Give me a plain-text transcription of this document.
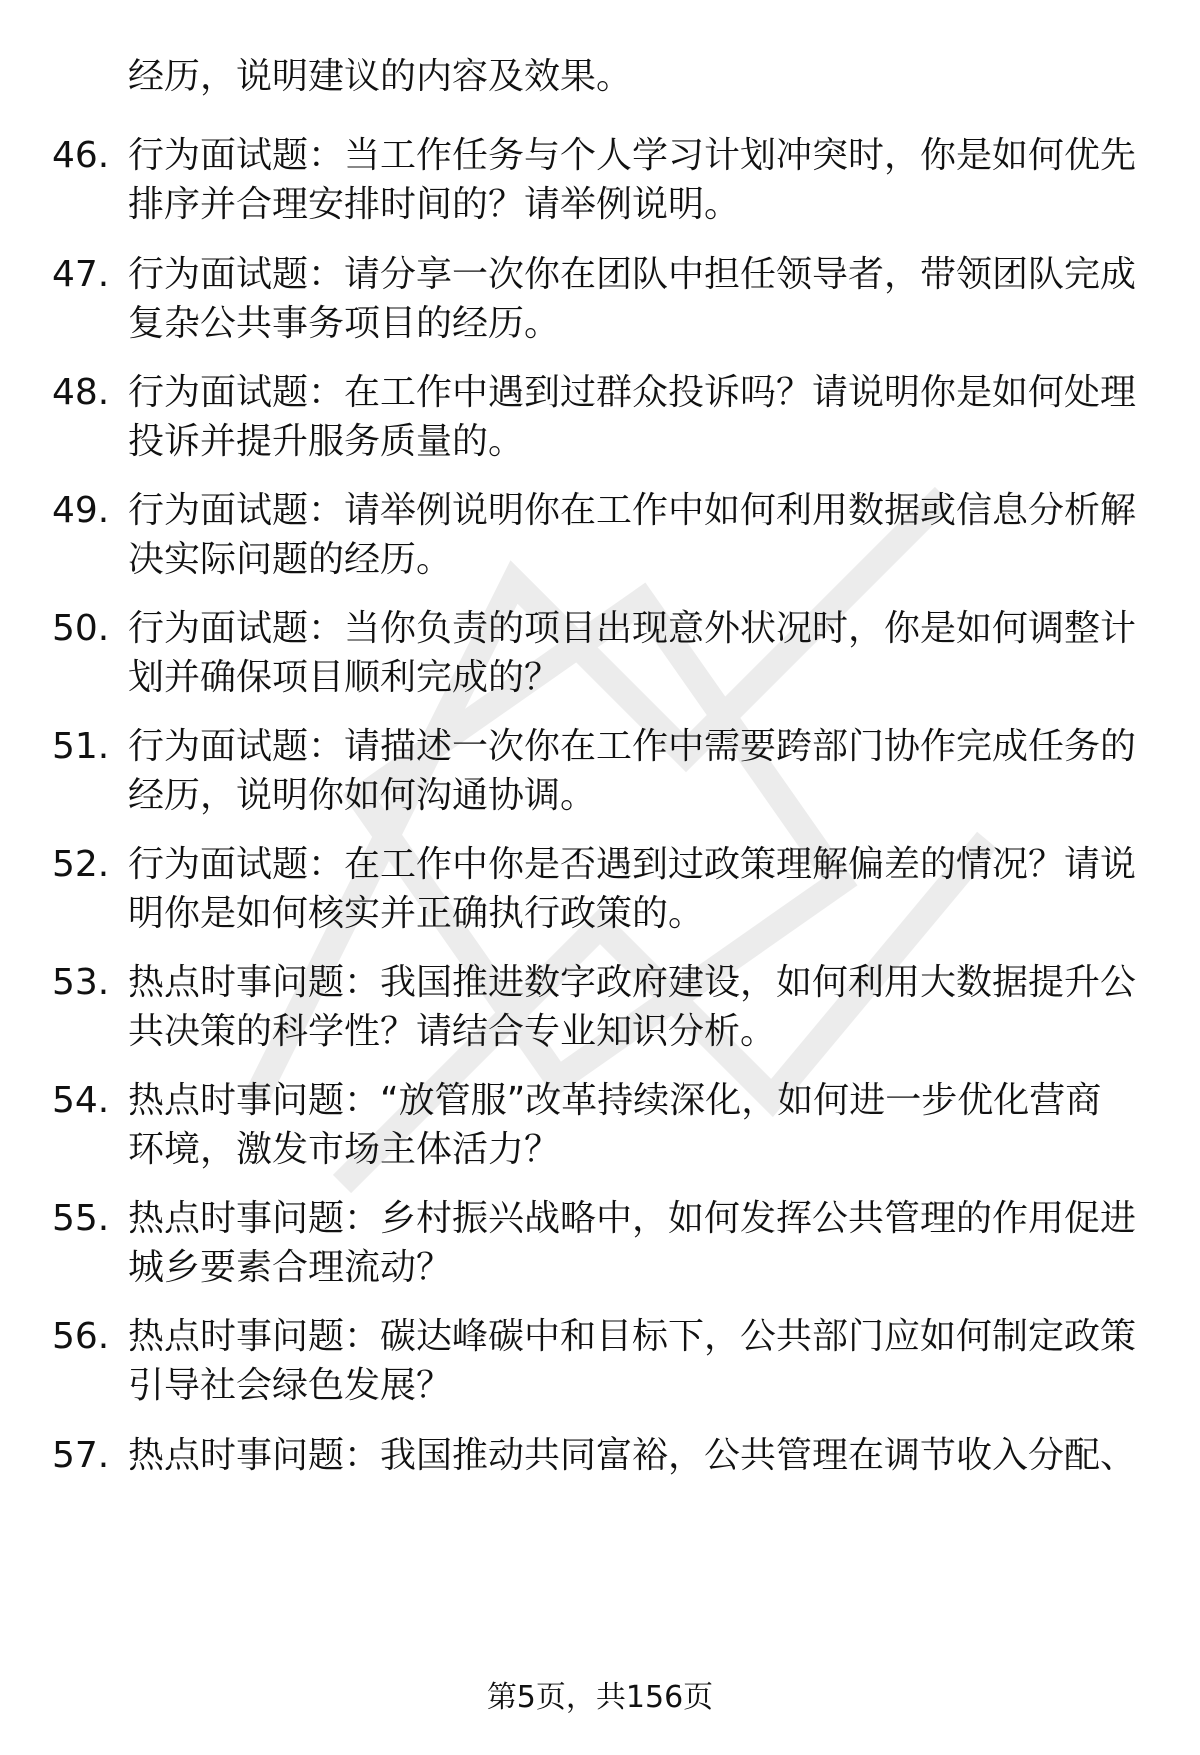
经历，说明建议的内容及效果。
46. 行为面试题：当工作任务与个人学习计划冲突时，你是如何优先
排序并合理安排时间的？请举例说明。
47. 行为面试题：请分享一次你在团队中担任领导者，带领团队完成
复杂公共事务项目的经历。
48. 行为面试题：在工作中遇到过群众投诉吗？请说明你是如何处理
投诉并提升服务质量的。
49. 行为面试题：请举例说明你在工作中如何利用数据或信息分析解
决实际问题的经历。
50. 行为面试题：当你负责的项目出现意外状况时，你是如何调整计
划并确保项目顺利完成的？
51. 行为面试题：请描述一次你在工作中需要跨部门协作完成任务的
经历，说明你如何沟通协调。
52. 行为面试题：在工作中你是否遇到过政策理解偏差的情况？请说
明你是如何核实并正确执行政策的。
53. 热点时事问题：我国推进数字政府建设，如何利用大数据提升公
共决策的科学性？请结合专业知识分析。
54. 热点时事问题：“放管服”改革持续深化，如何进一步优化营商
环境，激发市场主体活力？
55. 热点时事问题：乡村振兴战略中，如何发挥公共管理的作用促进
城乡要素合理流动？
56. 热点时事问题：碳达峰碳中和目标下，公共部门应如何制定政策
引导社会绿色发展？
57. 热点时事问题：我国推动共同富裕，公共管理在调节收入分配、
第5页，共156页
